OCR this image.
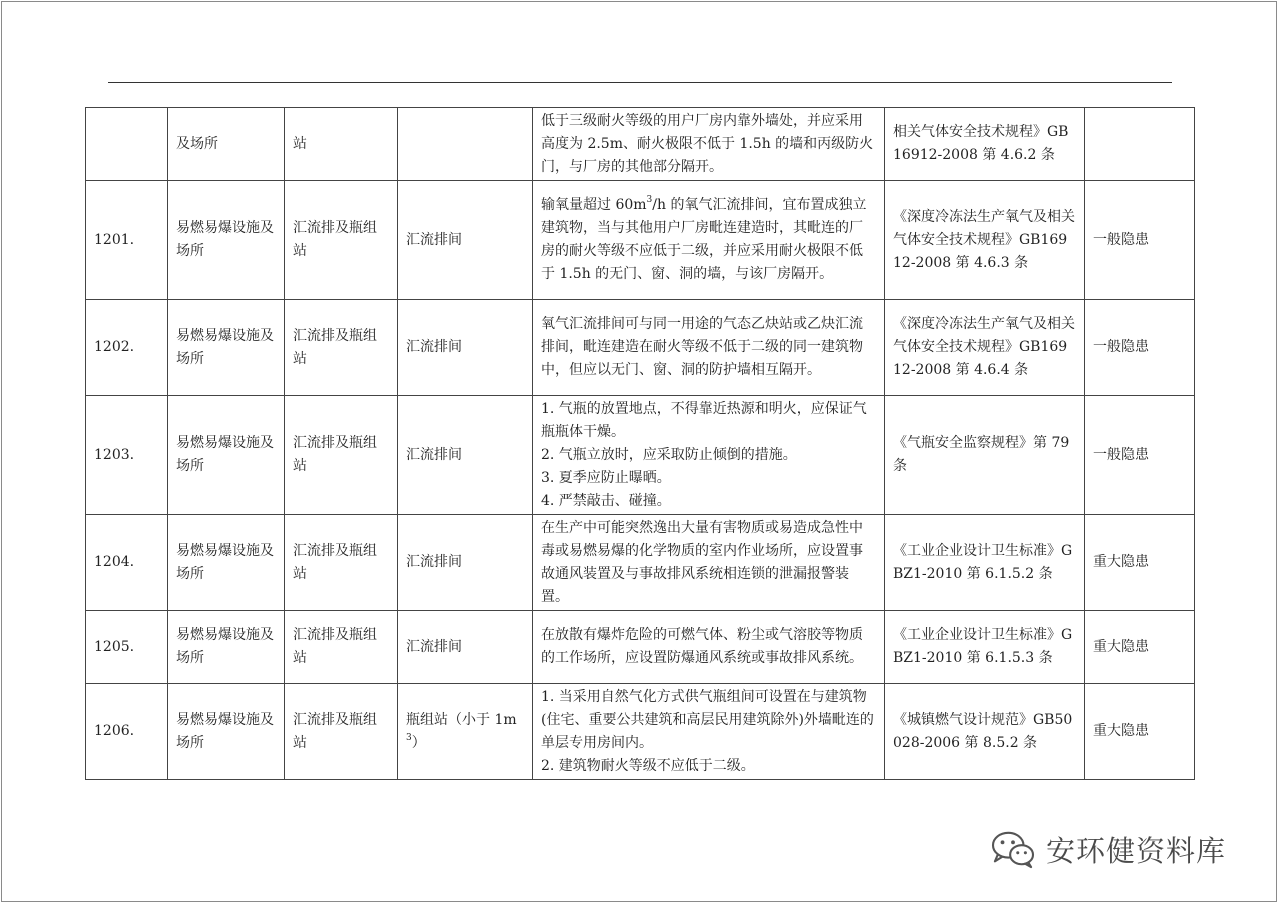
	及场所	站		低于三级耐火等级的用户厂房内靠外墙处，并应采用高度为 2.5m、耐火极限不低于 1.5h 的墙和丙级防火门，与厂房的其他部分隔开。	相关气体安全技术规程》GB16912-2008 第 4.6.2 条	
1201.	易燃易爆设施及场所	汇流排及瓶组站	汇流排间	输氧量超过 $60m^3/h$ 的氧气汇流排间，宜布置成独立建筑物，当与其他用户厂房毗连建造时，其毗连的厂房的耐火等级不应低于二级，并应采用耐火极限不低于 1.5h 的无门、窗、洞的墙，与该厂房隔开。	《深度冷冻法生产氧气及相关气体安全技术规程》GB16912-2008 第 4.6.3 条	一般隐患
1202.	易燃易爆设施及场所	汇流排及瓶组站	汇流排间	氧气汇流排间可与同一用途的气态乙炔站或乙炔汇流排间，毗连建造在耐火等级不低于二级的同一建筑物中，但应以无门、窗、洞的防护墙相互隔开。	《深度冷冻法生产氧气及相关气体安全技术规程》GB16912-2008 第 4.6.4 条	一般隐患
1203.	易燃易爆设施及场所	汇流排及瓶组站	汇流排间	1. 气瓶的放置地点，不得靠近热源和明火，应保证气瓶瓶体干燥。
2. 气瓶立放时，应采取防止倾倒的措施。
3. 夏季应防止曝晒。
4. 严禁敲击、碰撞。	《气瓶安全监察规程》第 79 条	一般隐患
1204.	易燃易爆设施及场所	汇流排及瓶组站	汇流排间	在生产中可能突然逸出大量有害物质或易造成急性中毒或易燃易爆的化学物质的室内作业场所，应设置事故通风装置及与事故排风系统相连锁的泄漏报警装置。	《工业企业设计卫生标准》GBZ1-2010 第 6.1.5.2 条	重大隐患
1205.	易燃易爆设施及场所	汇流排及瓶组站	汇流排间	在放散有爆炸危险的可燃气体、粉尘或气溶胶等物质的工作场所，应设置防爆通风系统或事故排风系统。	《工业企业设计卫生标准》GBZ1-2010 第 6.1.5.3 条	重大隐患
1206.	易燃易爆设施及场所	汇流排及瓶组站	瓶组站（小于 $1m^3$）	1. 当采用自然气化方式供气瓶组间可设置在与建筑物(住宅、重要公共建筑和高层民用建筑除外)外墙毗连的单层专用房间内。
2. 建筑物耐火等级不应低于二级。	《城镇燃气设计规范》GB50028-2006 第 8.5.2 条	重大隐患
安环健资料库
